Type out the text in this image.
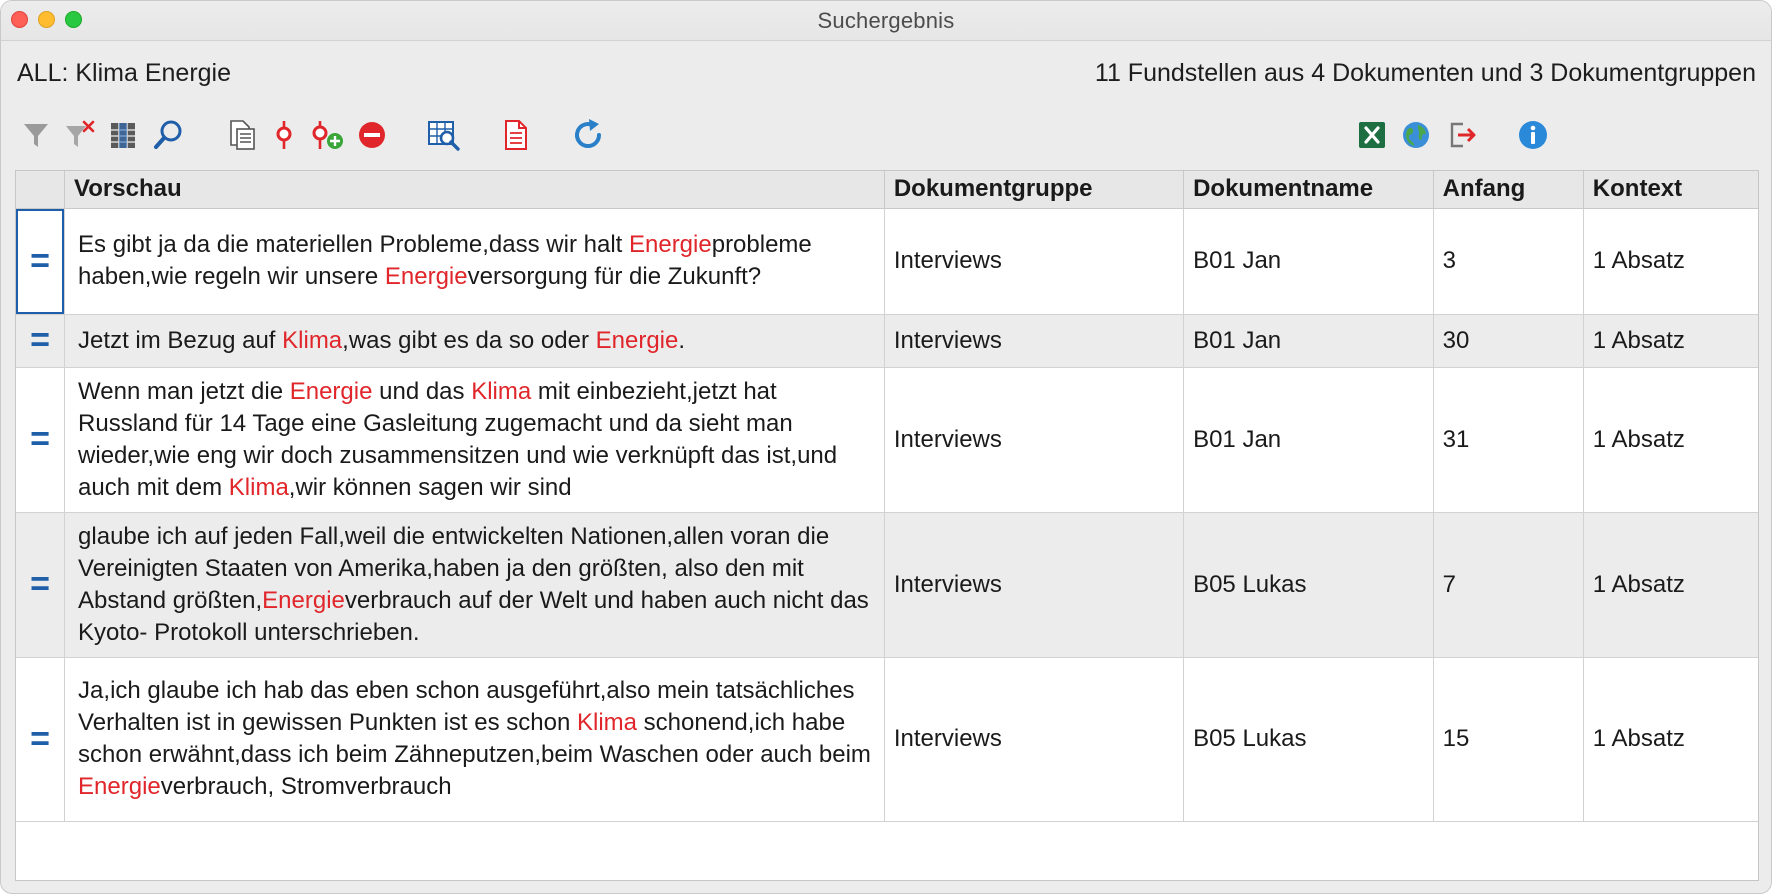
Suchergebnis
ALL: Klima Energie	11 Fundstellen aus 4 Dokumenten und 3 Dokumentgruppen
	Vorschau	Dokumentgruppe	Dokumentname	Anfang	Kontext
=	Es gibt ja da die materiellen Probleme,dass wir halt Energieprobleme haben,wie regeln wir unsere Energieversorgung für die Zukunft?	Interviews	B01 Jan	3	1 Absatz
=	Jetzt im Bezug auf Klima,was gibt es da so oder Energie.	Interviews	B01 Jan	30	1 Absatz
=	Wenn man jetzt die Energie und das Klima mit einbezieht,jetzt hat Russland für 14 Tage eine Gasleitung zugemacht und da sieht man wieder,wie eng wir doch zusammensitzen und wie verknüpft das ist,und auch mit dem Klima,wir können sagen wir sind	Interviews	B01 Jan	31	1 Absatz
=	glaube ich auf jeden Fall,weil die entwickelten Nationen,allen voran die Vereinigten Staaten von Amerika,haben ja den größten, also den mit Abstand größten,Energieverbrauch auf der Welt und haben auch nicht das Kyoto- Protokoll unterschrieben.	Interviews	B05 Lukas	7	1 Absatz
=	Ja,ich glaube ich hab das eben schon ausgeführt,also mein tatsächliches Verhalten ist in gewissen Punkten ist es schon Klima schonend,ich habe schon erwähnt,dass ich beim Zähneputzen,beim Waschen oder auch beim Energieverbrauch, Stromverbrauch	Interviews	B05 Lukas	15	1 Absatz
